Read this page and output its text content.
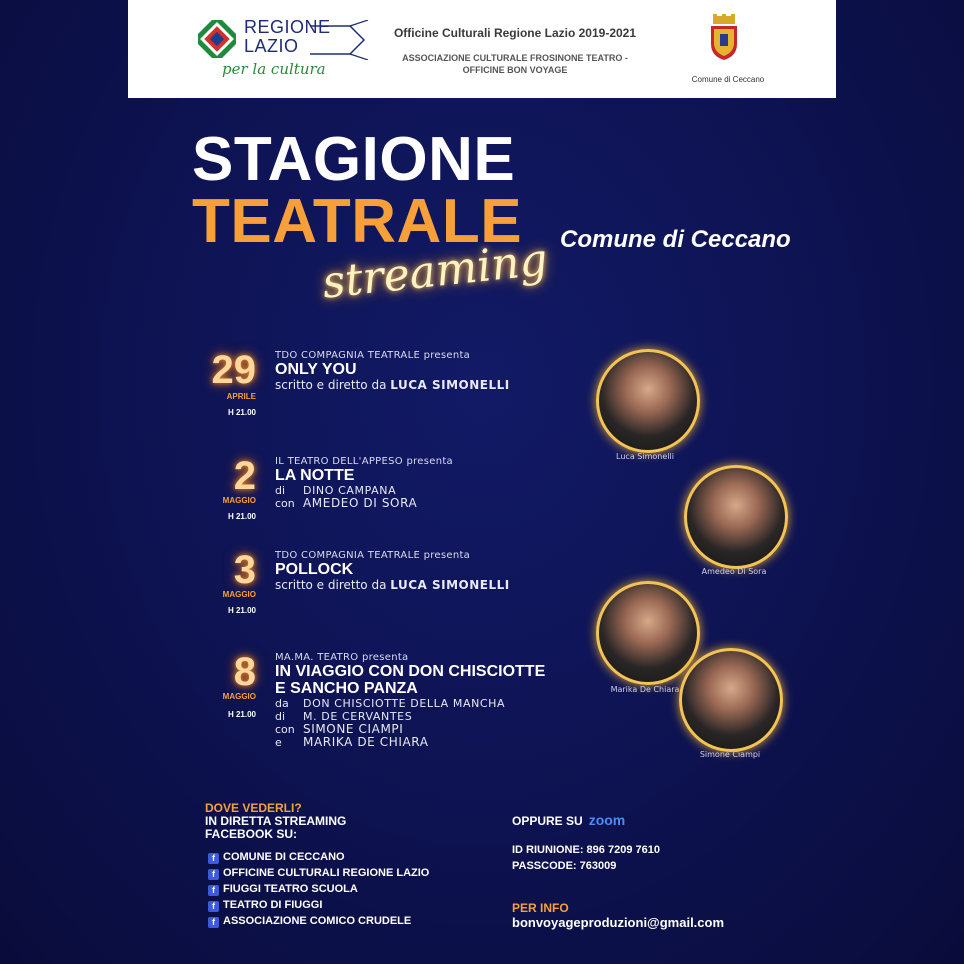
REGIONE
LAZIO
per la cultura
Officine Culturali Regione Lazio 2019-2021
ASSOCIAZIONE CULTURALE FROSINONE TEATRO -
OFFICINE BON VOYAGE
Comune di Ceccano
STAGIONE
TEATRALE
streaming Comune di Ceccano
29
APRILE
H 21.00
TDO COMPAGNIA TEATRALE presenta
ONLY YOU
scritto e diretto da LUCA SIMONELLI
2
MAGGIO
H 21.00
IL TEATRO DELL'APPESO presenta
LA NOTTE
di DINO CAMPANA
con AMEDEO DI SORA
3
MAGGIO
H 21.00
TDO COMPAGNIA TEATRALE presenta
POLLOCK
scritto e diretto da LUCA SIMONELLI
8
MAGGIO
H 21.00
MA.MA. TEATRO presenta
IN VIAGGIO CON DON CHISCIOTTE
E SANCHO PANZA
da DON CHISCIOTTE DELLA MANCHA
di M. DE CERVANTES
con SIMONE CIAMPI
e MARIKA DE CHIARA
Luca Simonelli
Amedeo Di Sora
Marika De Chiara
Simone Ciampi
DOVE VEDERLI?
IN DIRETTA STREAMING
FACEBOOK SU:
f COMUNE DI CECCANO
f OFFICINE CULTURALI REGIONE LAZIO
f FIUGGI TEATRO SCUOLA
f TEATRO DI FIUGGI
f ASSOCIAZIONE COMICO CRUDELE
OPPURE SU zoom
ID RIUNIONE: 896 7209 7610
PASSCODE: 763009
PER INFO
bonvoyageproduzioni@gmail.com
